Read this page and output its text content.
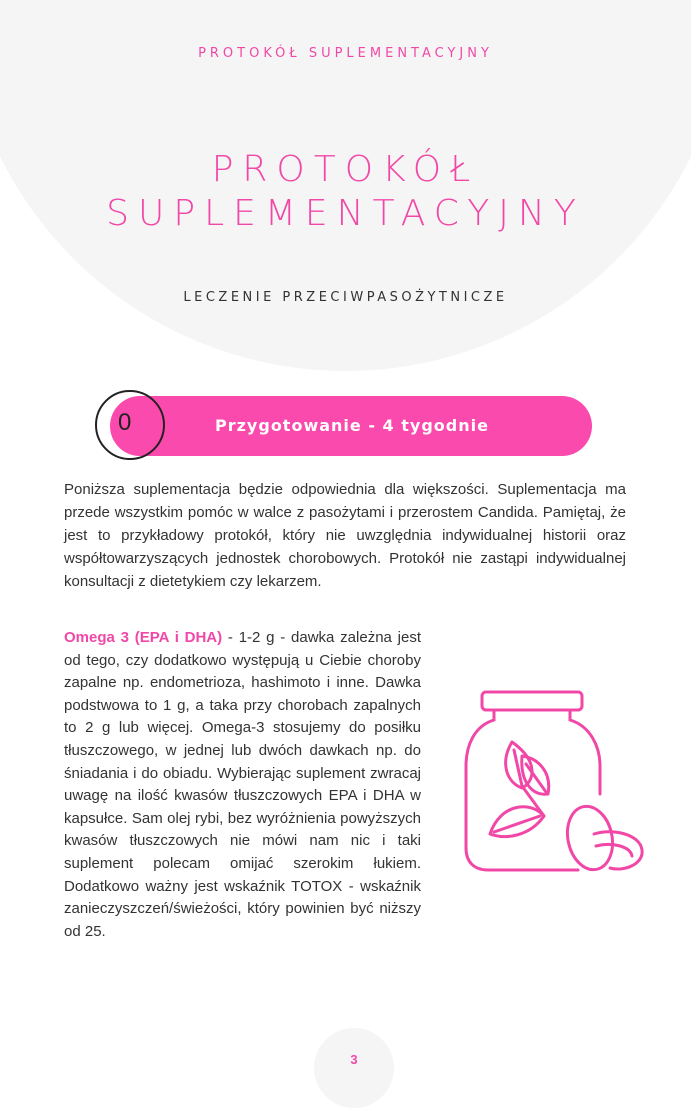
PROTOKÓŁ SUPLEMENTACYJNY
PROTOKÓŁ
SUPLEMENTACYJNY
LECZENIE PRZECIWPASOŻYTNICZE
Przygotowanie - 4 tygodnie
0

Poniższa suplementacja będzie odpowiednia dla większości. Suplementacja ma przede wszystkim pomóc w walce z pasożytami i przerostem Candida. Pamiętaj, że jest to przykładowy protokół, który nie uwzględnia indywidualnej historii oraz współtowarzyszących jednostek chorobowych. Protokół nie zastąpi indywidualnej konsultacji z dietetykiem czy lekarzem.

Omega 3 (EPA i DHA) - 1-2 g - dawka zależna jest od tego, czy dodatkowo występują u Ciebie choroby zapalne np. endometrioza, hashimoto i inne. Dawka podstwowa to 1 g, a taka przy chorobach zapalnych to 2 g lub więcej. Omega-3 stosujemy do posiłku tłuszczowego, w jednej lub dwóch dawkach np. do śniadania i do obiadu. Wybierając suplement zwracaj uwagę na ilość kwasów tłuszczowych EPA i DHA w kapsułce. Sam olej rybi, bez wyróżnienia powyższych kwasów tłuszczowych nie mówi nam nic i taki suplement polecam omijać szerokim łukiem. Dodatkowo ważny jest wskaźnik TOTOX - wskaźnik zanieczyszczeń/świeżości, który powinien być niższy od 25.

3
